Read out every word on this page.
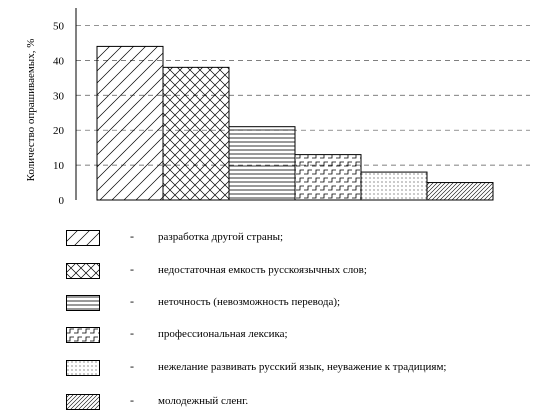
0
10
20
30
40
50
Количество опрашиваемых, %
- разработка другой страны;
- недостаточная емкость русскоязычных слов;
- неточность (невозможность перевода);
- профессиональная лексика;
- нежелание развивать русский язык, неуважение к традициям;
- молодежный сленг.
